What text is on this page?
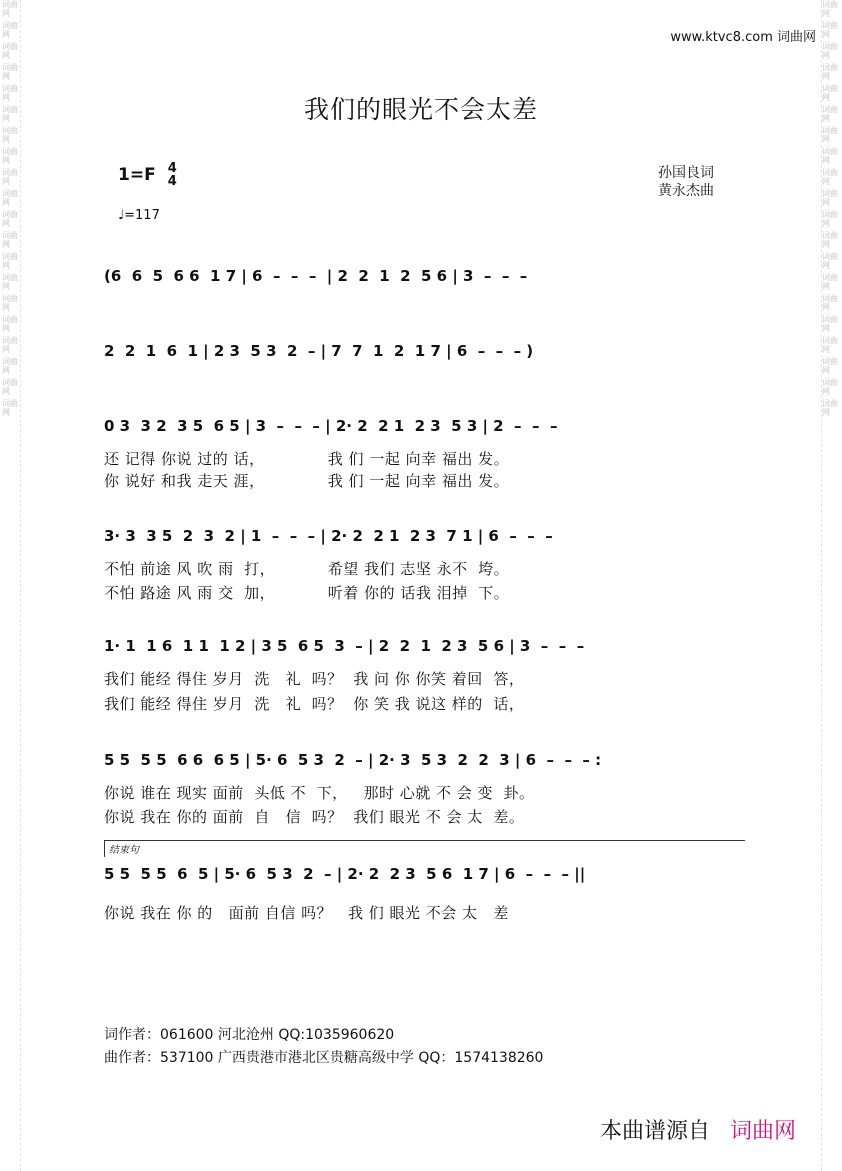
词曲网
词曲网
词曲网
词曲网
词曲网
词曲网
词曲网
词曲网
词曲网
词曲网
词曲网
词曲网
词曲网
词曲网
词曲网
词曲网
词曲网
词曲网
词曲网
词曲网
词曲网
词曲网
词曲网
词曲网
词曲网
词曲网
词曲网
词曲网
词曲网
词曲网
词曲网
词曲网
词曲网
词曲网
词曲网
词曲网
词曲网
词曲网
词曲网
词曲网
www.ktvc8.com 词曲网
我们的眼光不会太差
1=F 4
4
♩=117
孙国良词
黄永杰曲
(6  6  5  6 6  1 7 | 6  –  –  –  | 2  2  1  2  5 6 | 3  –  –  –
2  2  1  6  1 | 2 3  5 3  2  – | 7  7  1  2  1 7 | 6  –  –  – )
0 3  3 2  3 5  6 5 | 3  –  –  – | 2· 2  2 1  2 3  5 3 | 2  –  –  –
还 记得 你说 过的 话，            我 们 一起 向幸 福出 发。
你 说好 和我 走天 涯，            我 们 一起 向幸 福出 发。
3· 3  3 5  2  3  2 | 1  –  –  – | 2· 2  2 1  2 3  7 1 | 6  –  –  –
不怕 前途 风 吹 雨  打，          希望 我们 志坚 永不  垮。
不怕 路途 风 雨 交  加，          听着 你的 话我 泪掉  下。
1· 1  1 6  1 1  1 2 | 3 5  6 5  3  – | 2  2  1  2 3  5 6 | 3  –  –  –
我们 能经 得住 岁月  洗   礼  吗？  我 问 你 你笑 着回  答，
我们 能经 得住 岁月  洗   礼  吗？  你 笑 我 说这 样的  话，
5 5  5 5  6 6  6 5 | 5· 6  5 3  2  – | 2· 3  5 3  2  2  3 | 6  –  –  – :
你说 谁在 现实 面前  头低 不  下，   那时 心就 不 会 变  卦。
你说 我在 你的 面前  自   信  吗？  我们 眼光 不 会 太  差。
结束句
5 5  5 5  6  5 | 5· 6  5 3  2  – | 2· 2  2 3  5 6  1 7 | 6  –  –  – ||
你说 我在 你 的   面前 自信 吗？   我 们 眼光 不会 太   差
词作者：061600 河北沧州 QQ:1035960620
曲作者：537100 广西贵港市港北区贵糖高级中学 QQ：1574138260
本曲谱源自 词曲网
